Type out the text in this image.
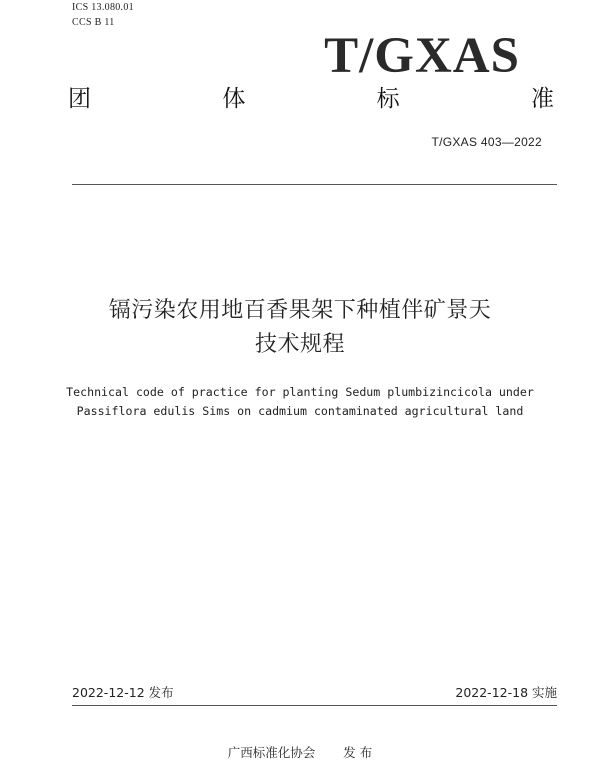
ICS 13.080.01
CCS B 11
T/GXAS
团	体	标	准
T/GXAS 403—2022
镉污染农用地百香果架下种植伴矿景天
技术规程
Technical code of practice for planting Sedum plumbizincicola under
Passiflora edulis Sims on cadmium contaminated agricultural land
2022-12-12 发布	2022-12-18 实施
广西标准化协会 发 布
